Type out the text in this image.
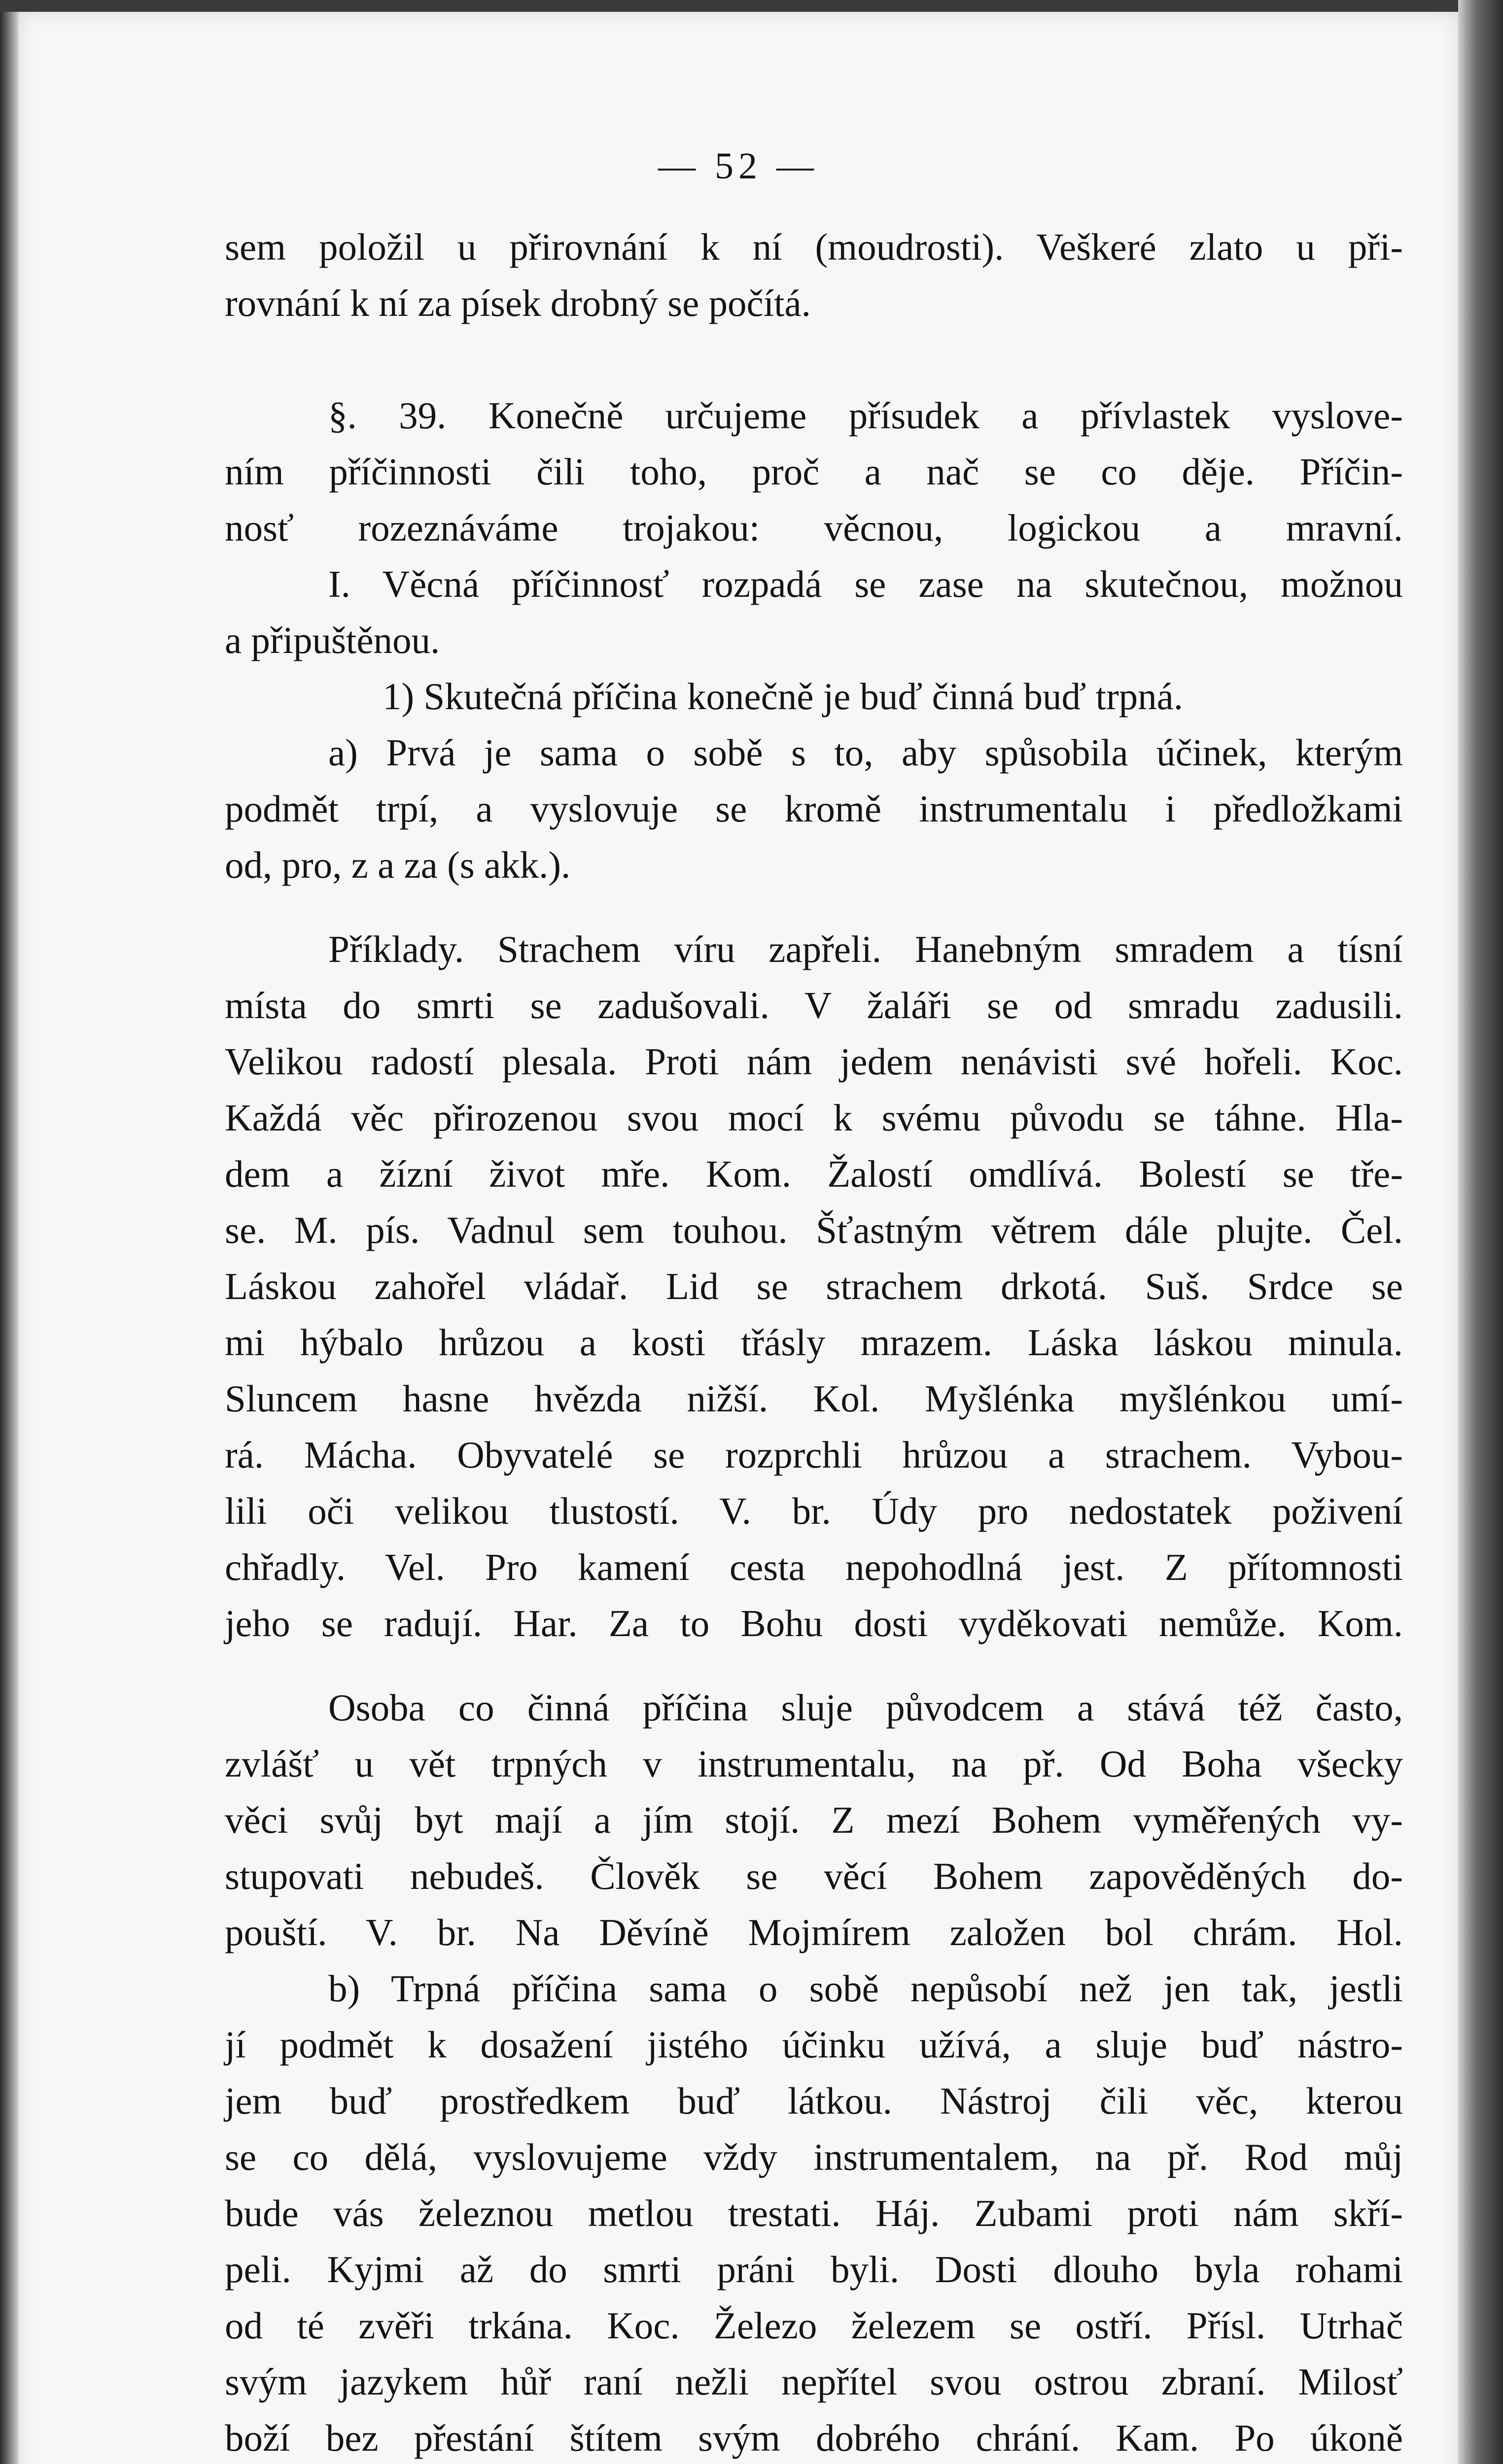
— 52 —

sem položil u přirovnání k ní (moudrosti). Veškeré zlato u při-

rovnání k ní za písek drobný se počítá.

§. 39. Konečně určujeme přísudek a přívlastek vyslove-

ním příčinnosti čili toho, proč a nač se co děje. Příčin-

nosť rozeznáváme trojakou: věcnou, logickou a mravní.

I. Věcná příčinnosť rozpadá se zase na skutečnou, možnou

a připuštěnou.

1) Skutečná příčina konečně je buď činná buď trpná.

a) Prvá je sama o sobě s to, aby spůsobila účinek, kterým

podmět trpí, a vyslovuje se kromě instrumentalu i předložkami

od, pro, z a za (s akk.).

Příklady. Strachem víru zapřeli. Hanebným smradem a tísní

místa do smrti se zadušovali. V žaláři se od smradu zadusili.

Velikou radostí plesala. Proti nám jedem nenávisti své hořeli. Koc.

Každá věc přirozenou svou mocí k svému původu se táhne. Hla-

dem a žízní život mře. Kom. Žalostí omdlívá. Bolestí se tře-

se. M. pís. Vadnul sem touhou. Šťastným větrem dále plujte. Čel.

Láskou zahořel vládař. Lid se strachem drkotá. Suš. Srdce se

mi hýbalo hrůzou a kosti třásly mrazem. Láska láskou minula.

Sluncem hasne hvězda nižší. Kol. Myšlénka myšlénkou umí-

rá. Mácha. Obyvatelé se rozprchli hrůzou a strachem. Vybou-

lili oči velikou tlustostí. V. br. Údy pro nedostatek poživení

chřadly. Vel. Pro kamení cesta nepohodlná jest. Z přítomnosti

jeho se radují. Har. Za to Bohu dosti vyděkovati nemůže. Kom.

Osoba co činná příčina sluje původcem a stává též často,

zvlášť u vět trpných v instrumentalu, na př. Od Boha všecky

věci svůj byt mají a jím stojí. Z mezí Bohem vyměřených vy-

stupovati nebudeš. Člověk se věcí Bohem zapověděných do-

pouští. V. br. Na Děvíně Mojmírem založen bol chrám. Hol.

b) Trpná příčina sama o sobě nepůsobí než jen tak, jestli

jí podmět k dosažení jistého účinku užívá, a sluje buď nástro-

jem buď prostředkem buď látkou. Nástroj čili věc, kterou

se co dělá, vyslovujeme vždy instrumentalem, na př. Rod můj

bude vás železnou metlou trestati. Háj. Zubami proti nám skří-

peli. Kyjmi až do smrti práni byli. Dosti dlouho byla rohami

od té zvěři trkána. Koc. Železo železem se ostří. Přísl. Utrhač

svým jazykem hůř raní nežli nepřítel svou ostrou zbraní. Milosť

boží bez přestání štítem svým dobrého chrání. Kam. Po úkoně
